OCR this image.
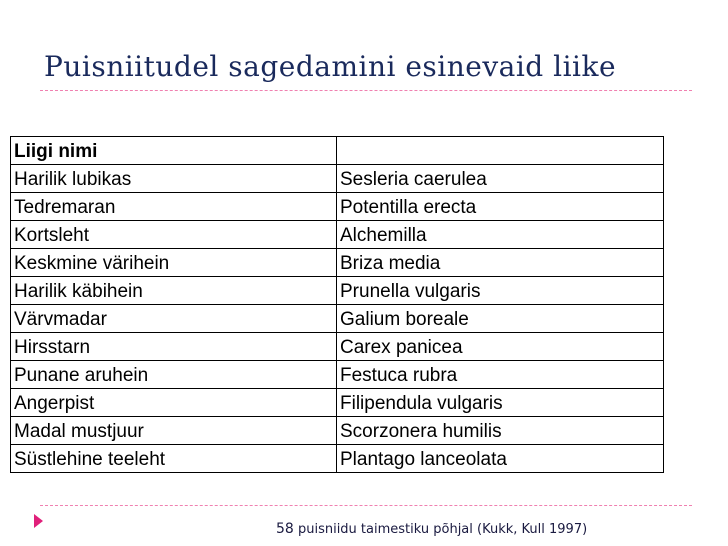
Puisniitudel sagedamini esinevaid liike
Liigi nimi	
Harilik lubikas	Sesleria caerulea
Tedremaran	Potentilla erecta
Kortsleht	Alchemilla
Keskmine värihein	Briza media
Harilik käbihein	Prunella vulgaris
Värvmadar	Galium boreale
Hirsstarn	Carex panicea
Punane aruhein	Festuca rubra
Angerpist	Filipendula vulgaris
Madal mustjuur	Scorzonera humilis
Süstlehine teeleht	Plantago lanceolata
58 puisniidu taimestiku põhjal (Kukk, Kull 1997)
